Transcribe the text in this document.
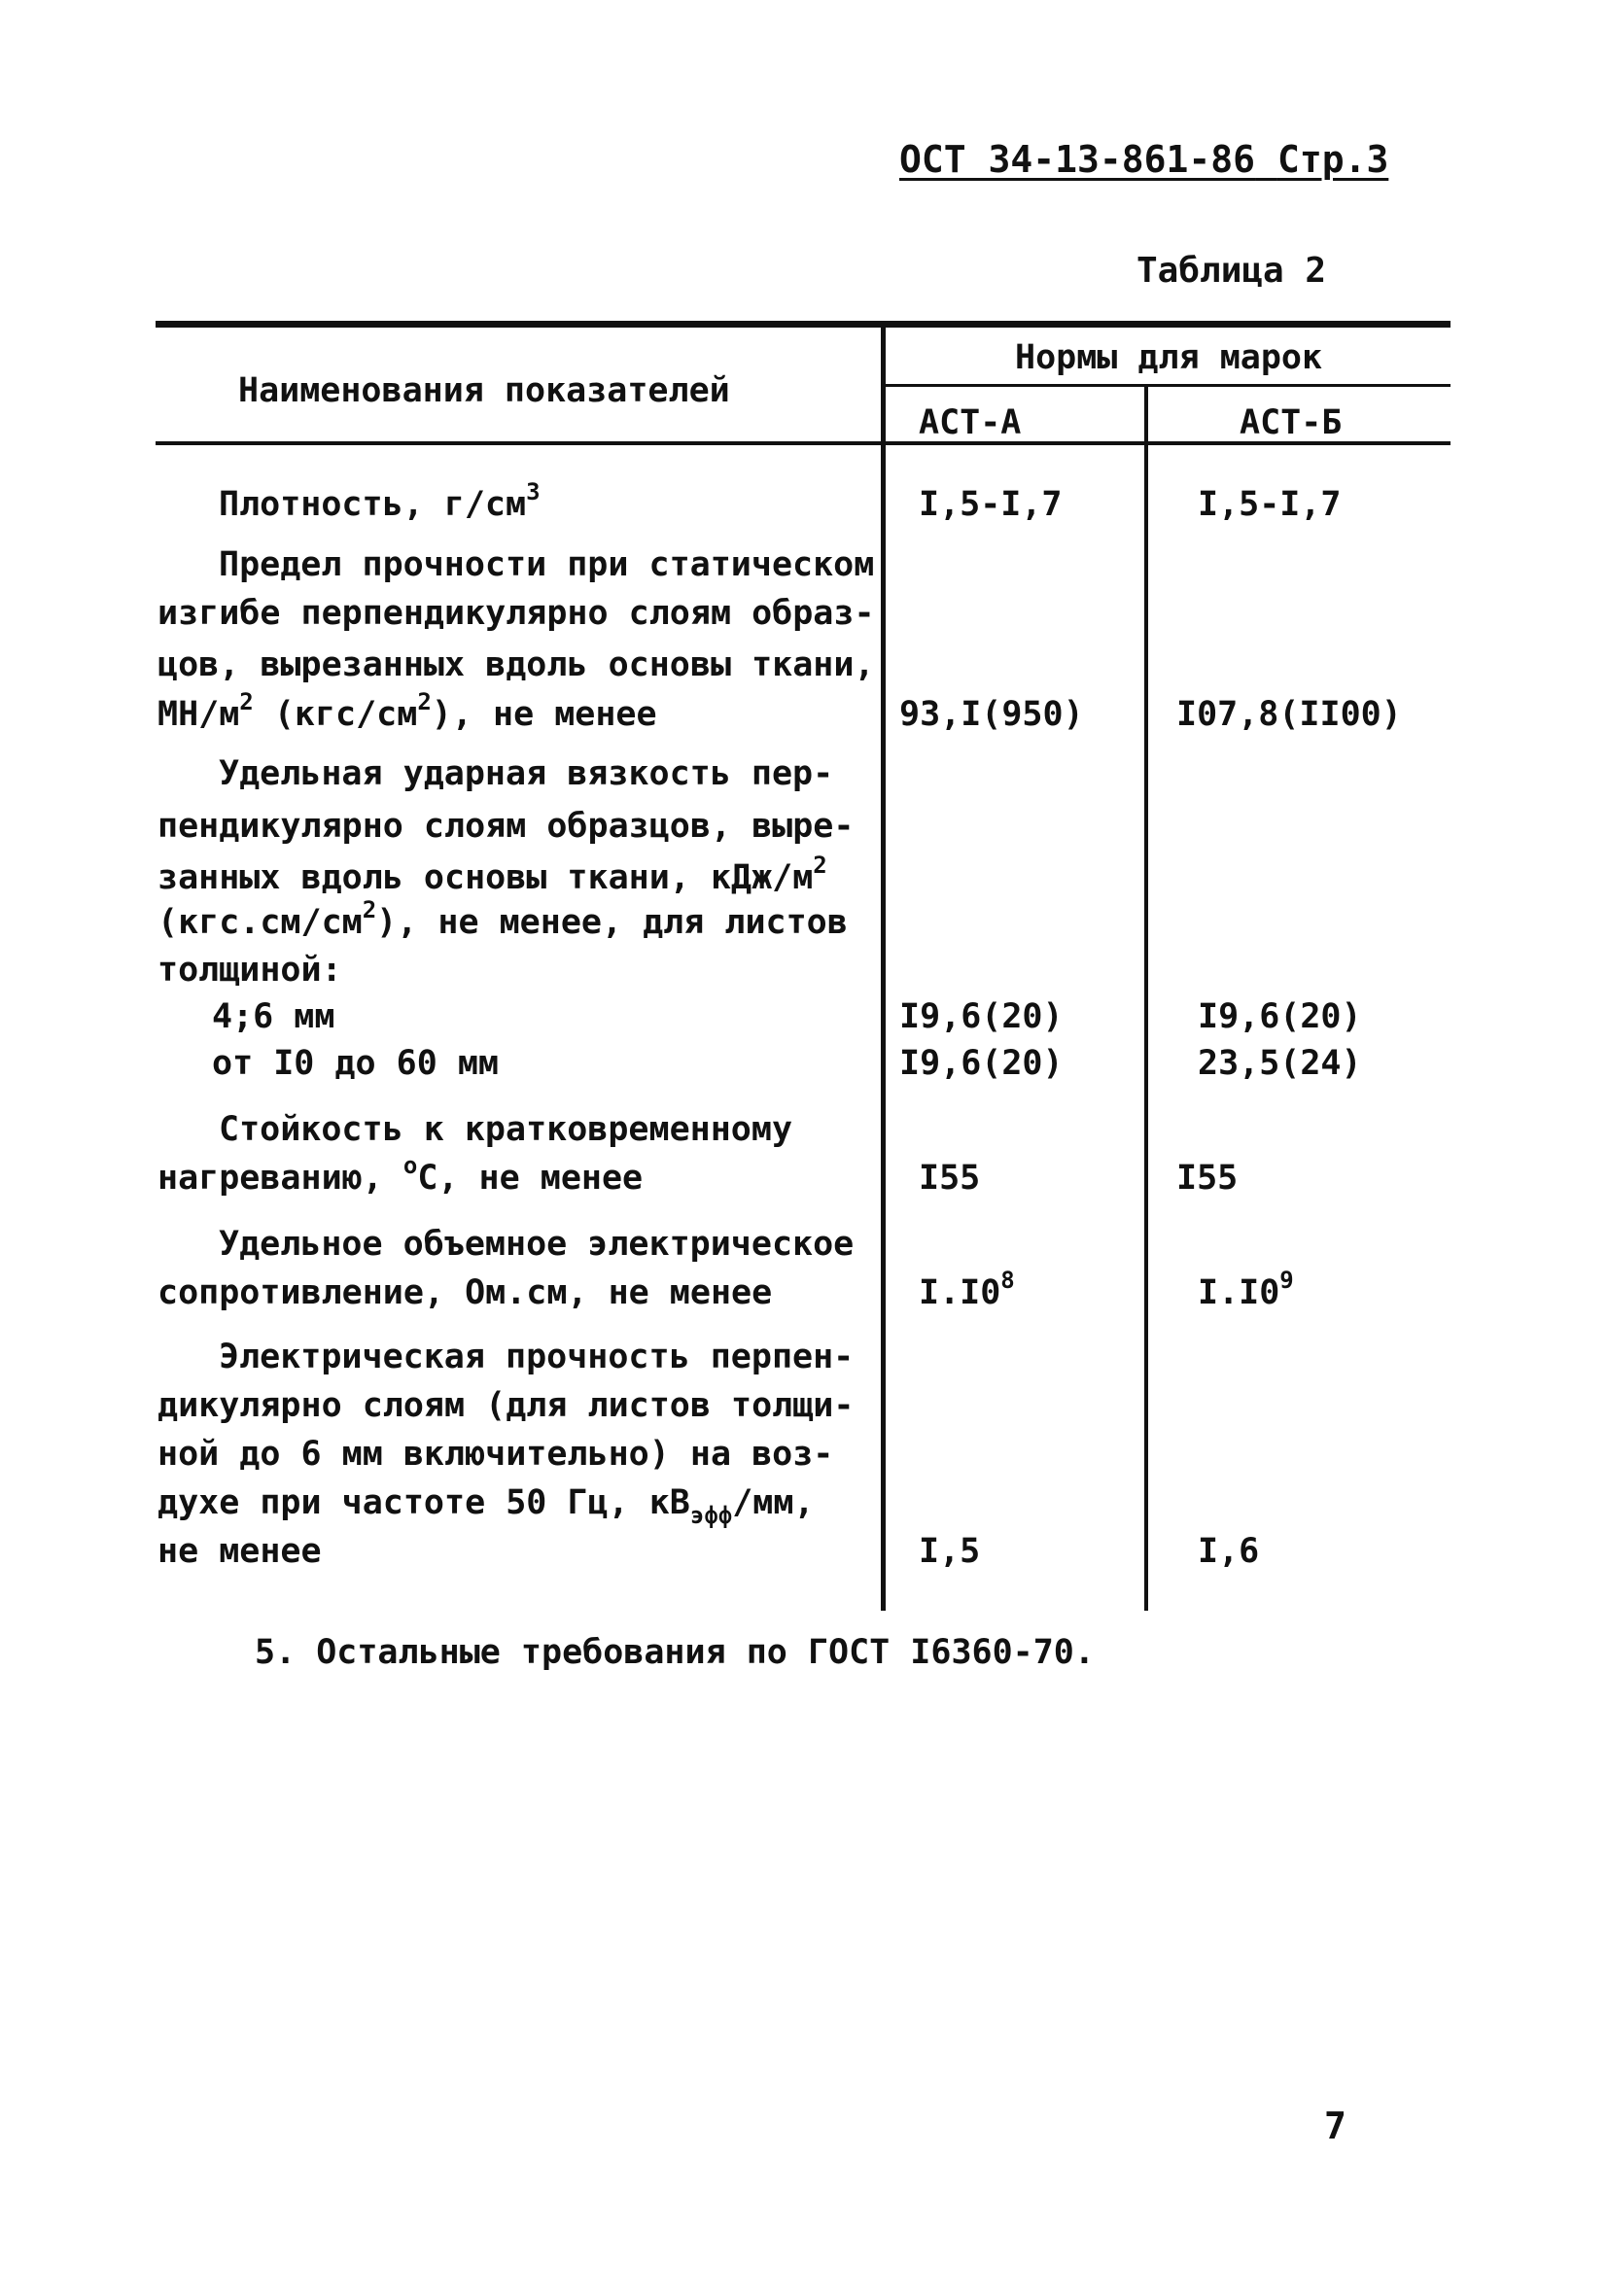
ОСТ 34-13-861-86 Стр.3
Таблица 2
Наименования показателей
Нормы для марок
АСТ-А	АСТ-Б
Плотность, $г/см^3$	I,5-I,7	I,5-I,7
Предел прочности при статическом
изгибе перпендикулярно слоям образ-
цов, вырезанных вдоль основы ткани,
$МН/м^2$ $(кгс/см^2)$, не менее	93,I(950)	I07,8(II00)
Удельная ударная вязкость пер-
пендикулярно слоям образцов, выре-
занных вдоль основы ткани, кДж/$м^2$
$(кгс.см/см^2)$, не менее, для листов
толщиной:
4;6 мм	I9,6(20)	I9,6(20)
от I0 до 60 мм	I9,6(20)	23,5(24)
Стойкость к кратковременному
нагреванию, $^о$C, не менее	I55	I55
Удельное объемное электрическое
сопротивление, Ом.см, не менее	$I.I0^8$	$I.I0^9$
Электрическая прочность перпен-
дикулярно слоям (для листов толщи-
ной до 6 мм включительно) на воз-
духе при частоте 50 Гц, $кВ_{эфф}/мм$,
не менее	I,5	I,6
5. Остальные требования по ГОСТ I6360-70.
7
